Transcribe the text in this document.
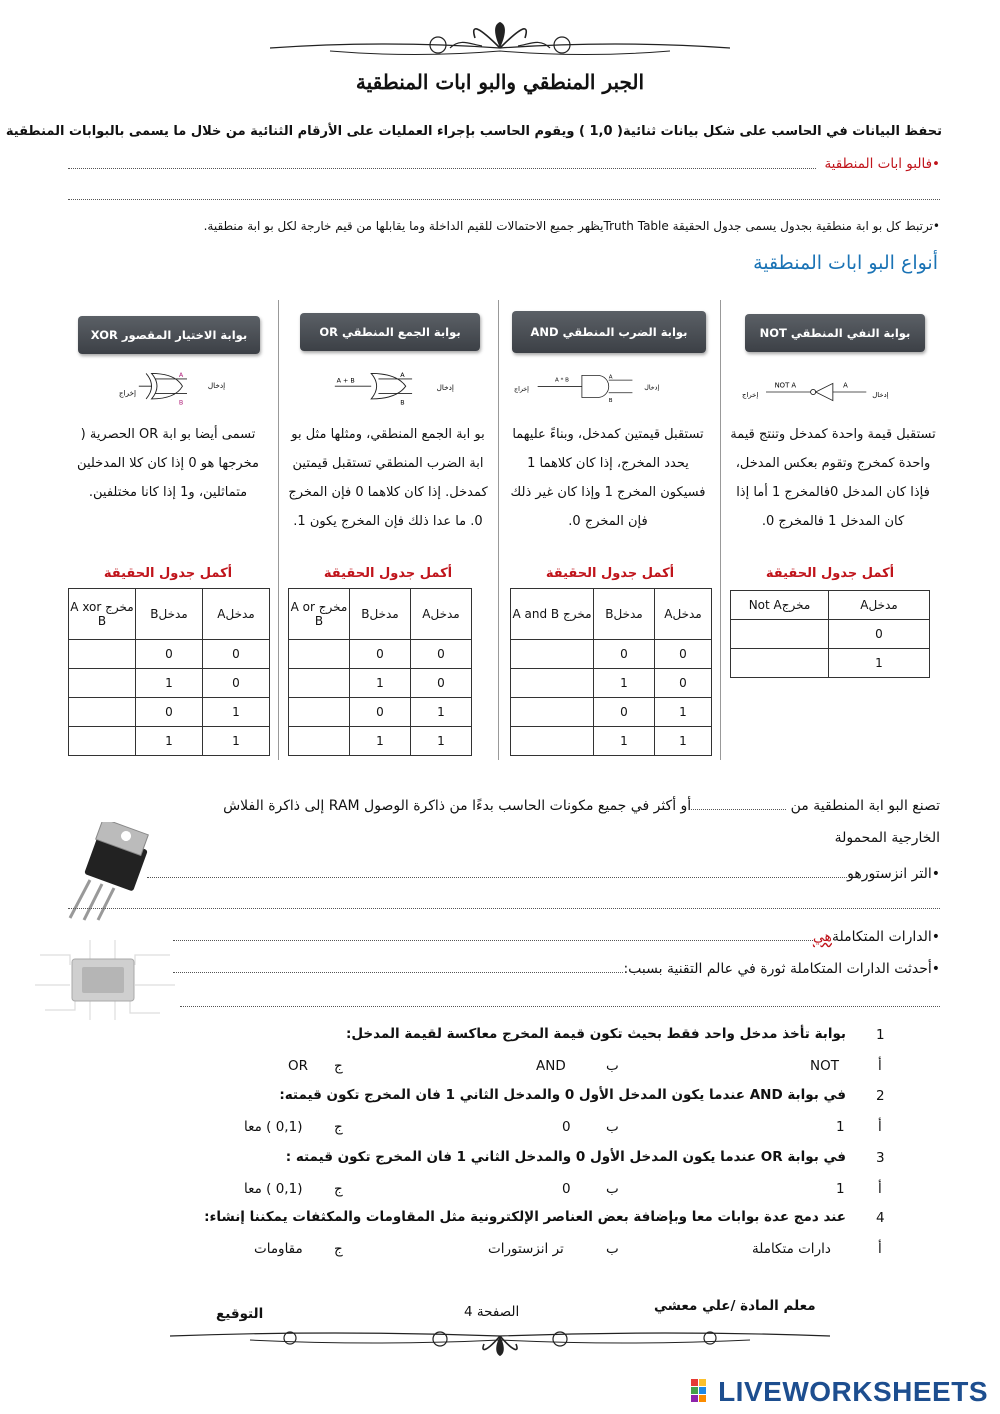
الجبر المنطقي والبو ابات المنطقية
تحفظ البيانات في الحاسب على شكل بيانات ثنائية( 1,0 ) ويقوم الحاسب بإجراء العمليات على الأرقام الثنائية من خلال ما يسمى بالبوابات المنطقية
•فالبو ابات المنطقية
•ترتبط كل بو ابة منطقية بجدول يسمى جدول الحقيقة Truth Tableيظهر جميع الاحتمالات للقيم الداخلة وما يقابلها من قيم خارجة لكل بو ابة منطقية.
أنواع البو ابات المنطقية
بوابة النفي المنطقي NOT
بوابة الضرب المنطقي AND
بوابة الجمع المنطقي OR
بوابة الاختيار المقصور XOR
إدخال
إخراج
A
NOT A
إدخال
إخراج
A
B
A * B
إدخال
A
B
A + B
إدخال
إخراج
A
B
تستقبل قيمة واحدة كمدخل وتنتج قيمة واحدة كمخرج وتقوم بعكس المدخل، فإذا كان المدخل 0فالمخرج 1 أما إذا كان المدخل 1 فالمخرج 0.
تستقبل قيمتين كمدخل، وبناءً عليهما يحدد المخرج، إذا كان كلاهما 1 فسيكون المخرج 1 وإذا كان غير ذلك فإن المخرج 0.
بو ابة الجمع المنطقي، ومثلها مثل بو ابة الضرب المنطقي تستقبل قيمتين كمدخل. إذا كان كلاهما 0 فإن المخرج 0. ما عدا ذلك فإن المخرج يكون 1.
تسمى أيضا بو ابة OR الحصرية ( مخرجها هو 0 إذا كان كلا المدخلين متماثلين، و1 إذا كانا مختلفين.
أكمل جدول الحقيقة
أكمل جدول الحقيقة
أكمل جدول الحقيقة
أكمل جدول الحقيقة
مدخلA	مخرجNot A
0	
1	
مدخلA	مدخلB	مخرج A and B
0	0	
0	1	
1	0	
1	1	
مدخلA	مدخلB	مخرج A or B
0	0	
0	1	
1	0	
1	1	
مدخلA	مدخلB	مخرج A xor B
0	0	
0	1	
1	0	
1	1	
تصنع البو ابة المنطقية من أو أكثر في جميع مكونات الحاسب بدءًا من ذاكرة الوصول RAM إلى ذاكرة الفلاش
الخارجية المحمولة
•التر انزستورهو
•الدارات المتكاملةهي
•أحدثت الدارات المتكاملة ثورة في عالم التقنية بسبب:
1
بوابة تأخذ مدخل واحد فقط بحيث تكون قيمة المخرج معاكسة لقيمة المدخل:
أ
NOT
ب
AND
ج
OR
2
في بوابة AND عندما يكون المدخل الأول 0 والمدخل الثاني 1 فان المخرج تكون قيمته:
أ
1
ب
0
ج
(0,1 ) معا
3
في بوابة OR عندما يكون المدخل الأول 0 والمدخل الثاني 1 فان المخرج تكون قيمته :
أ
1
ب
0
ج
(0,1 ) معا
4
عند دمج عدة بوابات معا وبإضافة بعض العناصر الإلكترونية مثل المقاومات والمكثفات يمكننا إنشاء:
أ
دارات متكاملة
ب
تر انزستورات
ج
مقاومات
معلم المادة /علي معشي
الصفحة 4
التوقيع
LIVEWORKSHEETS
